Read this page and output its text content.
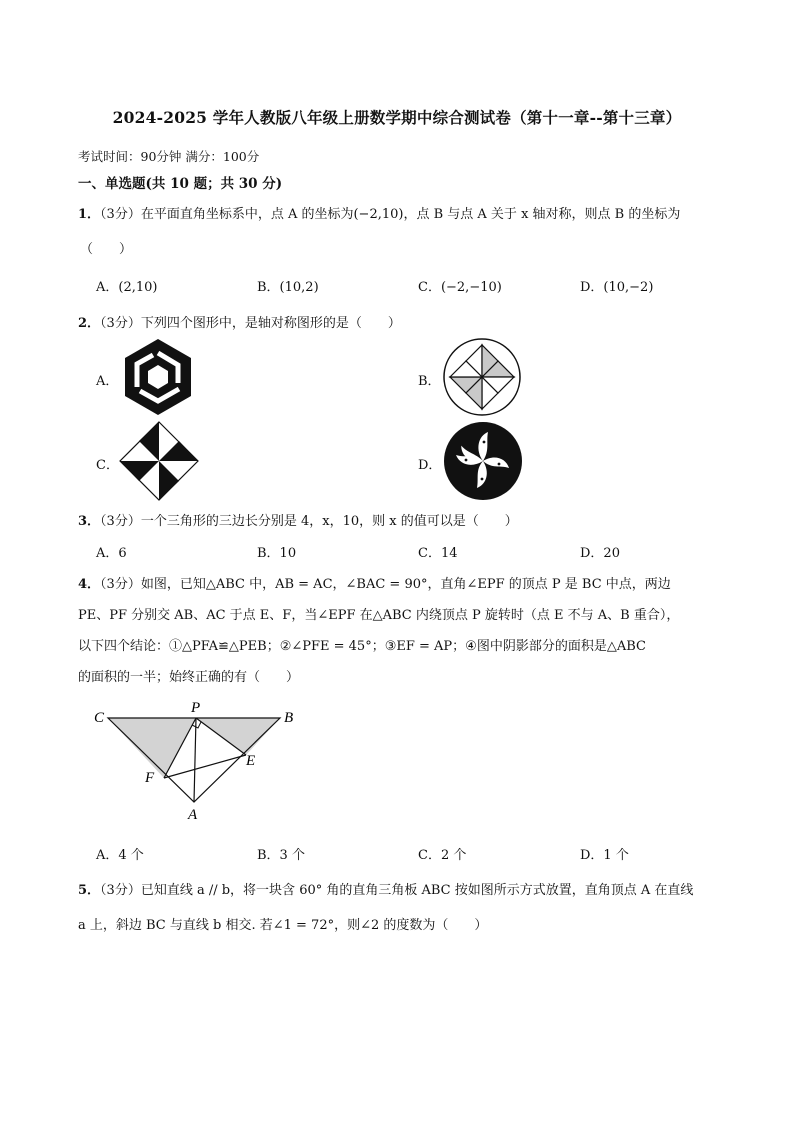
2024-2025 学年人教版八年级上册数学期中综合测试卷（第十一章--第十三章）
考试时间：90分钟 满分：100分
一、单选题(共 10 题；共 30 分)
1．（3分）在平面直角坐标系中，点 A 的坐标为(−2,10)，点 B 与点 A 关于 x 轴对称，则点 B 的坐标为
（　　）
A．(2,10)	B．(10,2)	C．(−2,−10)	D．(10,−2)
2．（3分）下列四个图形中，是轴对称图形的是（　　）
A．	B．
C．	D．
3．（3分）一个三角形的三边长分别是 4，x，10，则 x 的值可以是（　　）
A．6	B．10	C．14	D．20
4．（3分）如图，已知△ABC 中，AB = AC，∠BAC = 90°，直角∠EPF 的顶点 P 是 BC 中点，两边
PE、PF 分别交 AB、AC 于点 E、F，当∠EPF 在△ABC 内绕顶点 P 旋转时（点 E 不与 A、B 重合），
以下四个结论：①△PFA≌△PEB；②∠PFE = 45°；③EF = AP；④图中阴影部分的面积是△ABC
的面积的一半；始终正确的有（　　）
C
P
B
E
F
A
A．4 个	B．3 个	C．2 个	D．1 个
5．（3分）已知直线 a // b，将一块含 60° 角的直角三角板 ABC 按如图所示方式放置，直角顶点 A 在直线
a 上，斜边 BC 与直线 b 相交. 若∠1 = 72°，则∠2 的度数为（　　）
